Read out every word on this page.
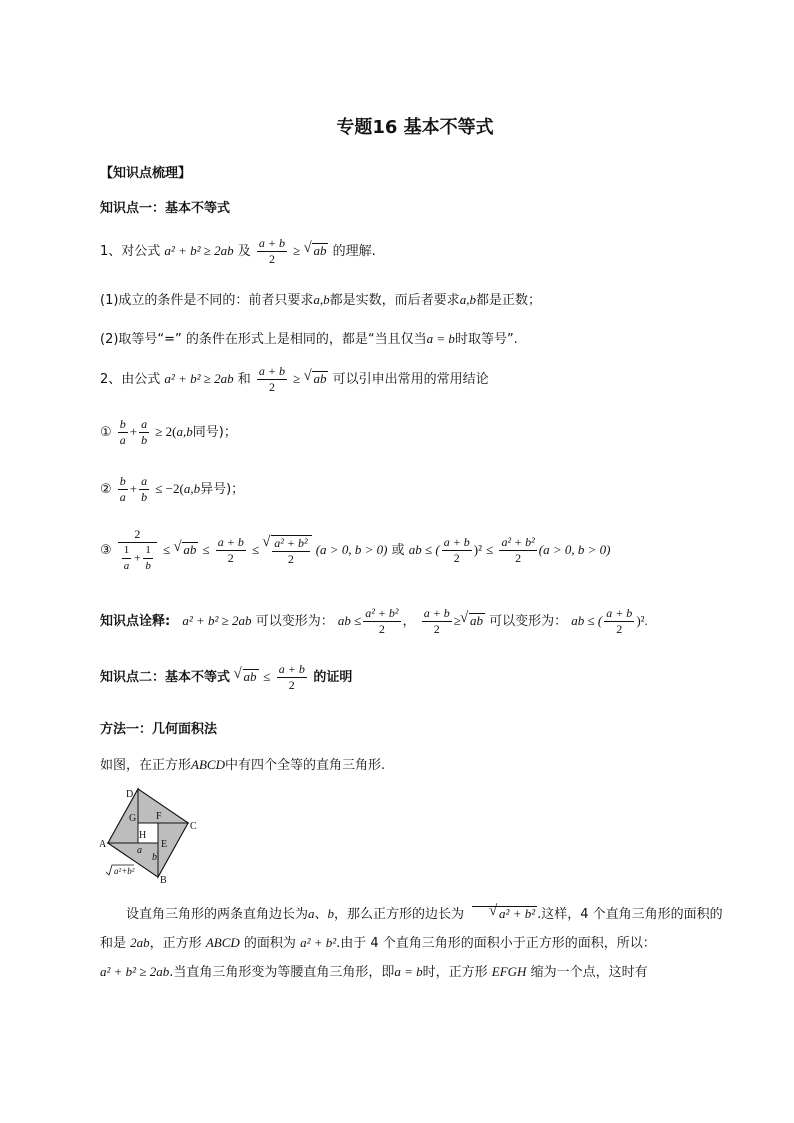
专题16 基本不等式
【知识点梳理】
知识点一：基本不等式
1、对公式 a² + b² ≥ 2ab 及 $\frac{a + b}{2}$ ≥ √ ab 的理解.
(1)成立的条件是不同的：前者只要求a,b都是实数，而后者要求a,b都是正数；
(2)取等号“=” 的条件在形式上是相同的，都是“当且仅当a = b时取等号”.
2、由公式 a² + b² ≥ 2ab 和 $\frac{a + b}{2}$ ≥ √ ab 可以引申出常用的常用结论
① $\frac{b}{a} + \frac{a}{b} \ge 2(a,b$同号)；
② $\frac{b}{a} + \frac{a}{b} \le -2(a,b$异号)；
③ $\frac{2}{\frac{1}{a} + \frac{1}{b}}$ ≤ √ ab ≤ $\frac{a + b}{2}$ ≤ √ $\frac{\text{a² + b²}}{2} (a > 0$, b > 0) 或 ab ≤ ( $\frac{a + b}{2} )^2 \le \frac{\text{a² + b²}}{2} (a > 0$, b > 0)
知识点诠释: a² + b² ≥ 2ab 可以变形为： ab ≤ $\frac{\text{a² + b²}}{2}$ ， $\frac{a + b}{2}$ ≥ √ ab 可以变形为： ab ≤ ( $\frac{a + b}{2} )^2$.
知识点二：基本不等式 √ ab ≤ $\frac{a + b}{2}$ 的证明
方法一：几何面积法
如图，在正方形ABCD中有四个全等的直角三角形.
D
C
A
B
G F
H
E
a
b
a²+b²
设直角三角形的两条直角边长为a、b，那么正方形的边长为	√ a² + b² .这样，4 个直角三角形的面积的
和是 2ab，正方形 ABCD 的面积为 a² + b².由于 4 个直角三角形的面积小于正方形的面积，所以：
a² + b² ≥ 2ab.当直角三角形变为等腰直角三角形，即a = b时，正方形 EFGH 缩为一个点，这时有
